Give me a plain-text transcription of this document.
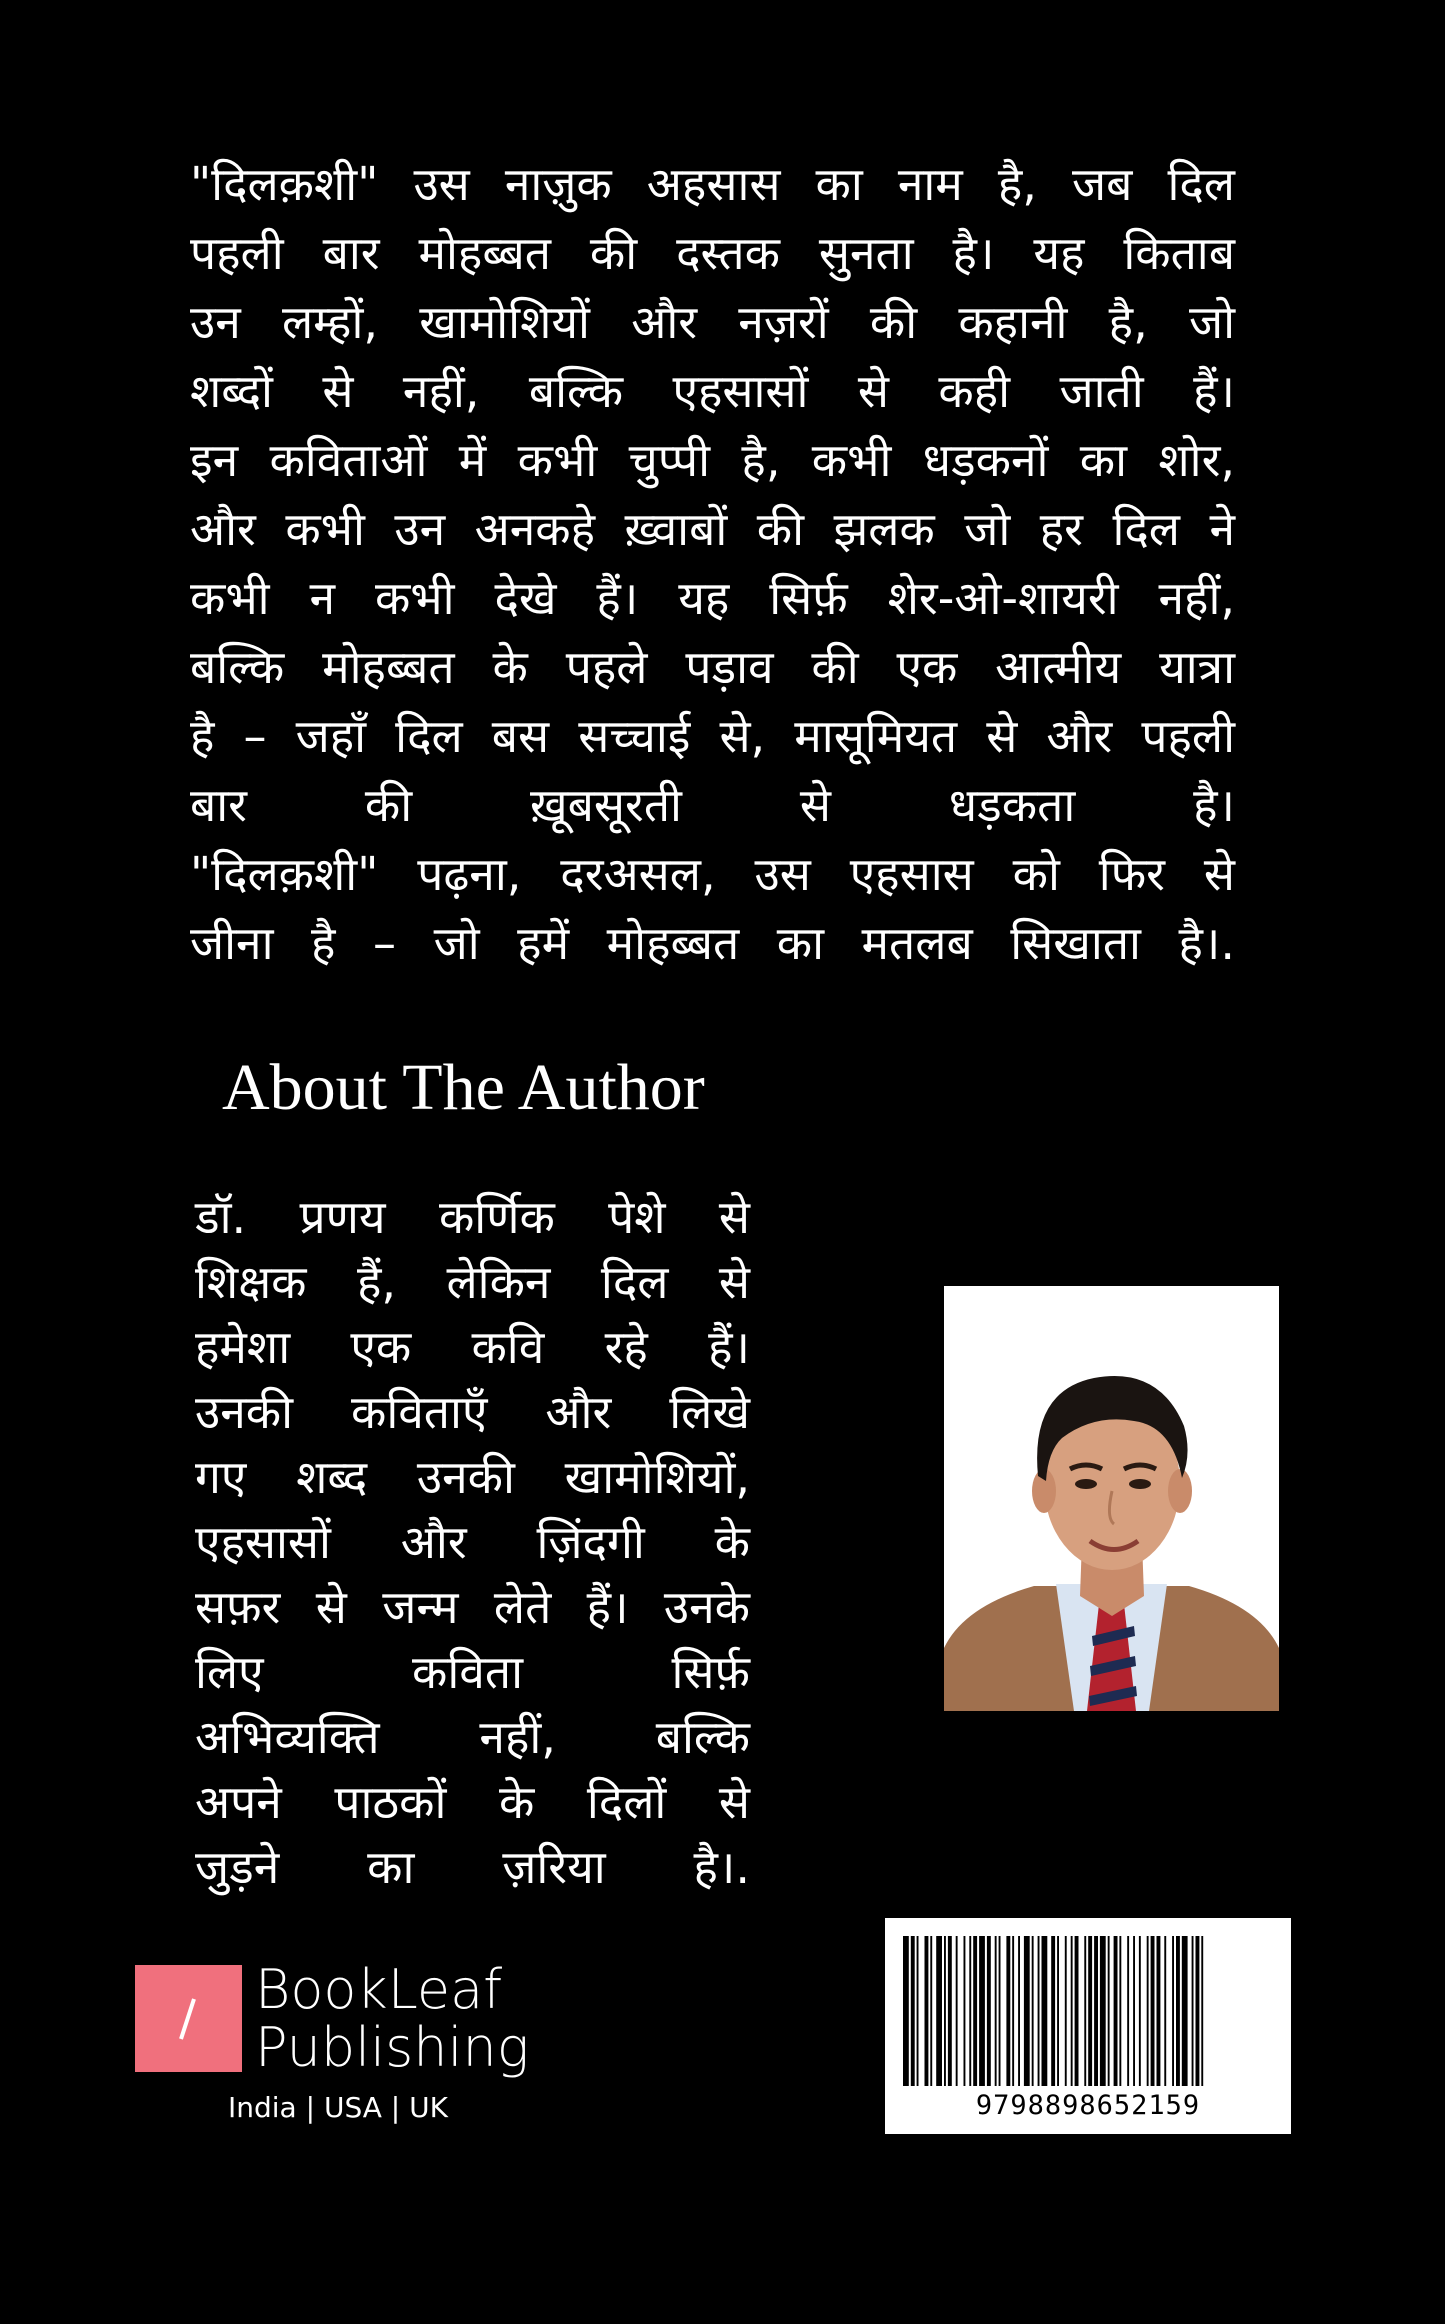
"दिलक़शी" उस नाज़ुक अहसास का नाम है, जब दिल

पहली बार मोहब्बत की दस्तक सुनता है। यह किताब

उन लम्हों, खामोशियों और नज़रों की कहानी है, जो

शब्दों से नहीं, बल्कि एहसासों से कही जाती हैं।

इन कविताओं में कभी चुप्पी है, कभी धड़कनों का शोर,

और कभी उन अनकहे ख़्वाबों की झलक जो हर दिल ने

कभी न कभी देखे हैं। यह सिर्फ़ शेर-ओ-शायरी नहीं,

बल्कि मोहब्बत के पहले पड़ाव की एक आत्मीय यात्रा

है – जहाँ दिल बस सच्चाई से, मासूमियत से और पहली

बार की ख़ूबसूरती से धड़कता है।

"दिलक़शी" पढ़ना, दरअसल, उस एहसास को फिर से

जीना है – जो हमें मोहब्बत का मतलब सिखाता है।.

About The Author

डॉ. प्रणय कर्णिक पेशे से

शिक्षक हैं, लेकिन दिल से

हमेशा एक कवि रहे हैं।

उनकी कविताएँ और लिखे

गए शब्द उनकी खामोशियों,

एहसासों और ज़िंदगी के

सफ़र से जन्म लेते हैं। उनके

लिए कविता सिर्फ़

अभिव्यक्ति नहीं, बल्कि

अपने पाठकों के दिलों से

जुड़ने का ज़रिया है।.

BookLeaf
Publishing
India | USA | UK	9798898652159
